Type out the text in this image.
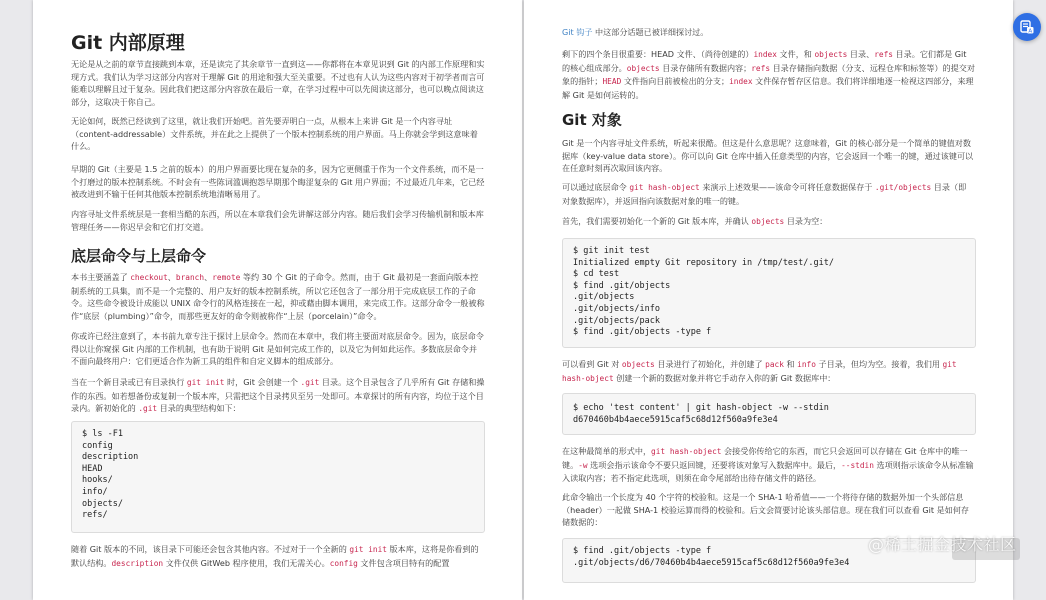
Git 内部原理

无论是从之前的章节直接跳到本章，还是读完了其余章节一直到这——你都将在本章见识到 Git 的内部工作原理和实现方式。我们认为学习这部分内容对于理解 Git 的用途和强大至关重要。不过也有人认为这些内容对于初学者而言可能难以理解且过于复杂。因此我们把这部分内容放在最后一章，在学习过程中可以先阅读这部分，也可以晚点阅读这部分，这取决于你自己。

无论如何，既然已经读到了这里，就让我们开始吧。首先要弄明白一点，从根本上来讲 Git 是一个内容寻址（content-addressable）文件系统，并在此之上提供了一个版本控制系统的用户界面。马上你就会学到这意味着什么。

早期的 Git（主要是 1.5 之前的版本）的用户界面要比现在复杂的多，因为它更侧重于作为一个文件系统，而不是一个打磨过的版本控制系统。不时会有一些陈词滥调抱怨早期那个晦涩复杂的 Git 用户界面；不过最近几年来，它已经被改进到不输于任何其他版本控制系统地清晰易用了。

内容寻址文件系统层是一套相当酷的东西，所以在本章我们会先讲解这部分内容。随后我们会学习传输机制和版本库管理任务——你迟早会和它们打交道。

底层命令与上层命令

本书主要涵盖了 checkout、branch、remote 等约 30 个 Git 的子命令。然而，由于 Git 最初是一套面向版本控制系统的工具集，而不是一个完整的、用户友好的版本控制系统，所以它还包含了一部分用于完成底层工作的子命令。这些命令被设计成能以 UNIX 命令行的风格连接在一起，抑或藉由脚本调用，来完成工作。这部分命令一般被称作“底层（plumbing）”命令，而那些更友好的命令则被称作“上层（porcelain）”命令。

你或许已经注意到了，本书前九章专注于探讨上层命令。然而在本章中，我们将主要面对底层命令。因为，底层命令得以让你窥探 Git 内部的工作机制，也有助于说明 Git 是如何完成工作的，以及它为何如此运作。多数底层命令并不面向最终用户：它们更适合作为新工具的组件和自定义脚本的组成部分。

当在一个新目录或已有目录执行 git init 时，Git 会创建一个 .git 目录。这个目录包含了几乎所有 Git 存储和操作的东西。如若想备份或复制一个版本库，只需把这个目录拷贝至另一处即可。本章探讨的所有内容，均位于这个目录内。新初始化的 .git 目录的典型结构如下：

$ ls -F1
config
description
HEAD
hooks/
info/
objects/
refs/

随着 Git 版本的不同，该目录下可能还会包含其他内容。不过对于一个全新的 git init 版本库，这将是你看到的默认结构。description 文件仅供 GitWeb 程序使用，我们无需关心。config 文件包含项目特有的配置

Git 钩子 中这部分话题已被详细探讨过。

剩下的四个条目很重要：HEAD 文件、（尚待创建的）index 文件，和 objects 目录、refs 目录。它们都是 Git 的核心组成部分。objects 目录存储所有数据内容；refs 目录存储指向数据（分支、远程仓库和标签等）的提交对象的指针；HEAD 文件指向目前被检出的分支；index 文件保存暂存区信息。我们将详细地逐一检视这四部分，来理解 Git 是如何运转的。

Git 对象

Git 是一个内容寻址文件系统，听起来很酷。但这是什么意思呢？这意味着，Git 的核心部分是一个简单的键值对数据库（key-value data store）。你可以向 Git 仓库中插入任意类型的内容，它会返回一个唯一的键，通过该键可以在任意时刻再次取回该内容。

可以通过底层命令 git hash-object 来演示上述效果——该命令可将任意数据保存于 .git/objects 目录（即 对象数据库），并返回指向该数据对象的唯一的键。

首先，我们需要初始化一个新的 Git 版本库，并确认 objects 目录为空：

$ git init test
Initialized empty Git repository in /tmp/test/.git/
$ cd test
$ find .git/objects
.git/objects
.git/objects/info
.git/objects/pack
$ find .git/objects -type f

可以看到 Git 对 objects 目录进行了初始化，并创建了 pack 和 info 子目录，但均为空。接着，我们用 git hash-object 创建一个新的数据对象并将它手动存入你的新 Git 数据库中：

$ echo 'test content' | git hash-object -w --stdin
d670460b4b4aece5915caf5c68d12f560a9fe3e4

在这种最简单的形式中，git hash-object 会接受你传给它的东西，而它只会返回可以存储在 Git 仓库中的唯一键。-w 选项会指示该命令不要只返回键，还要将该对象写入数据库中。最后，--stdin 选项则指示该命令从标准输入读取内容；若不指定此选项，则须在命令尾部给出待存储文件的路径。

此命令输出一个长度为 40 个字符的校验和。这是一个 SHA-1 哈希值——一个将待存储的数据外加一个头部信息（header）一起做 SHA-1 校验运算而得的校验和。后文会简要讨论该头部信息。现在我们可以查看 Git 是如何存储数据的：

$ find .git/objects -type f
.git/objects/d6/70460b4b4aece5915caf5c68d12f560a9fe3e4
A
@稀土掘金技术社区
